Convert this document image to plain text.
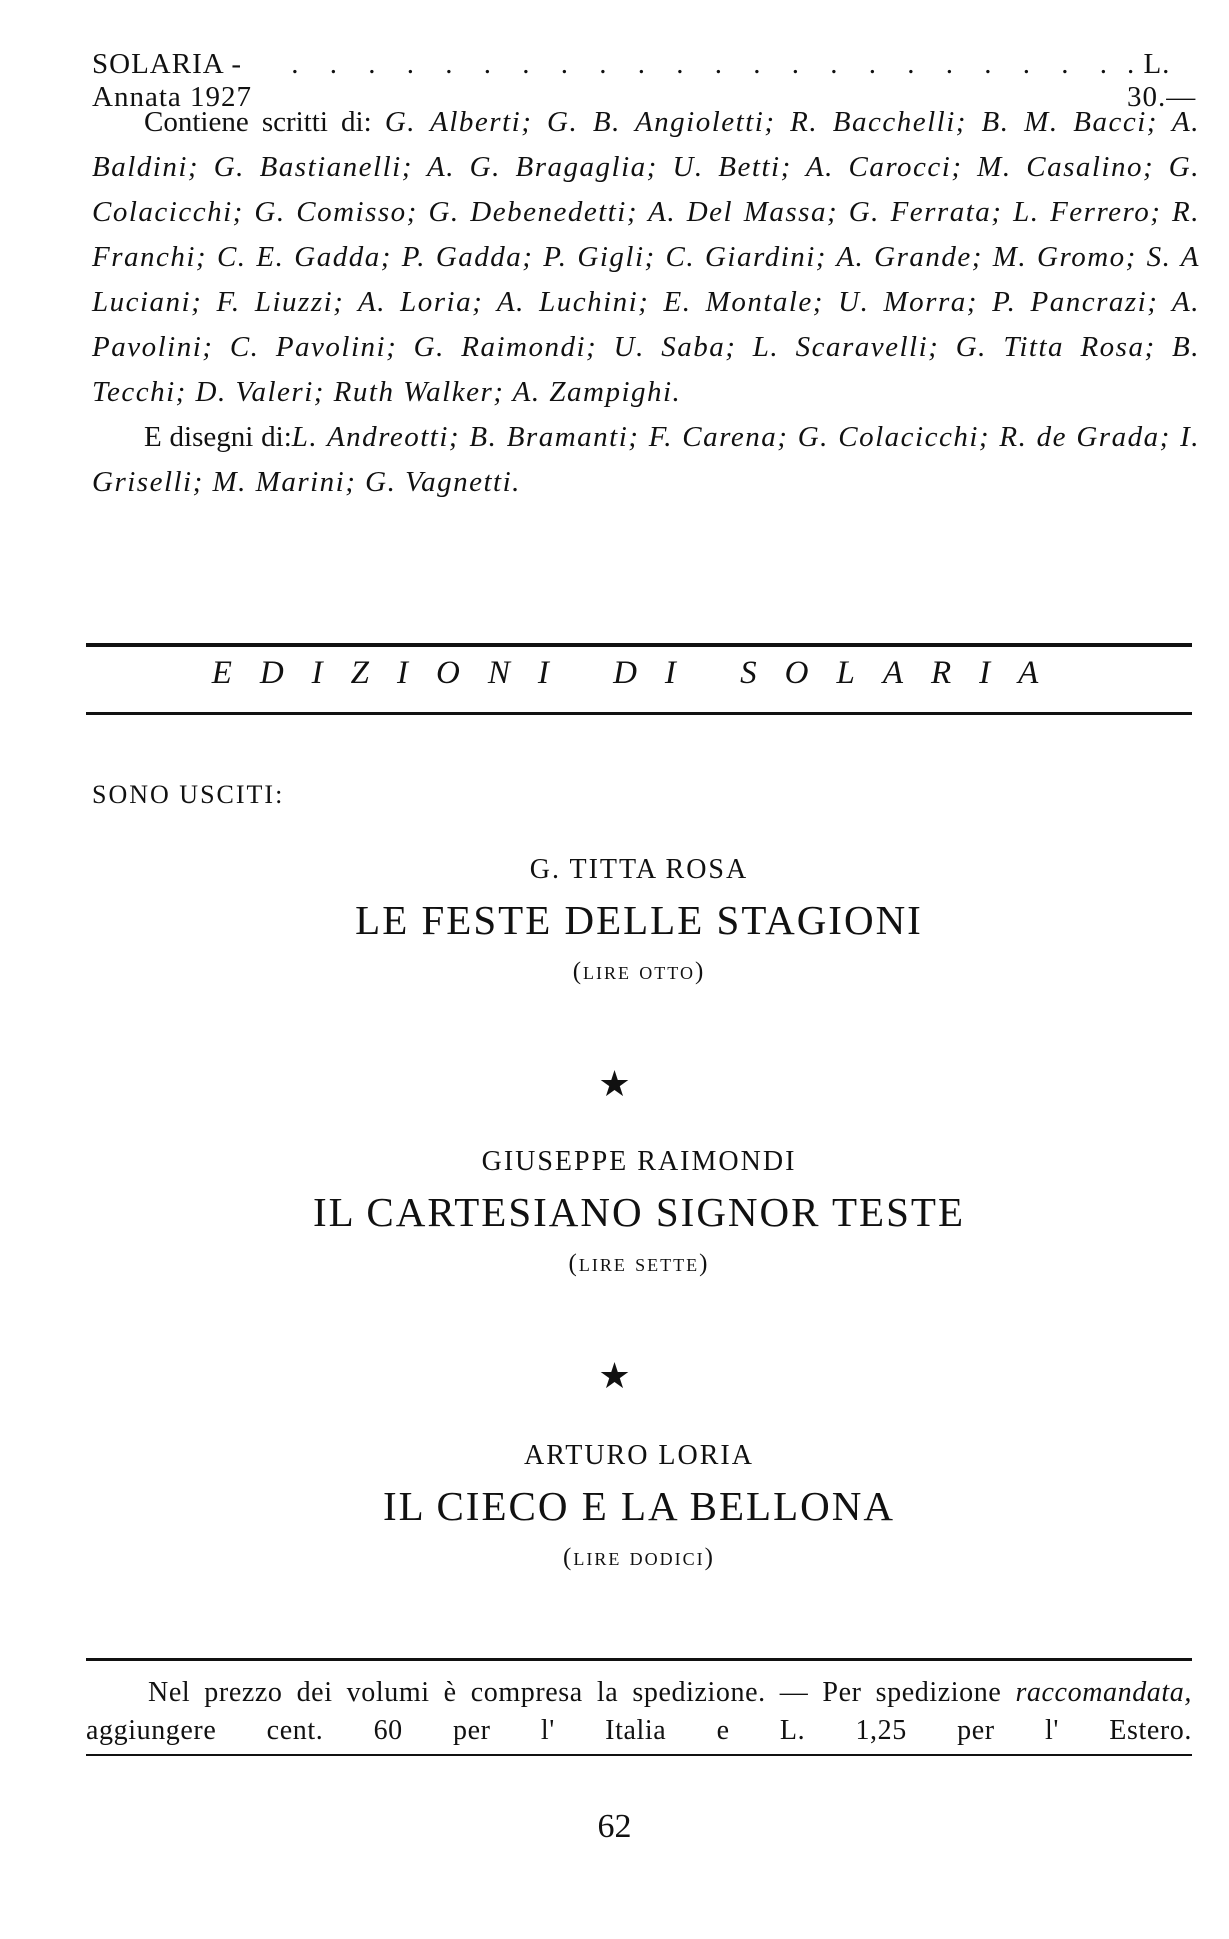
SOLARIA - Annata 1927
. . . . . . . . . . . . . . . . . . . . . . . L. 30.—

Contiene scritti di: G. Alberti; G. B. Angioletti; R. Bacchelli; B. M. Bacci; A. Baldini; G. Bastianelli; A. G. Bragaglia; U. Betti; A. Carocci; M. Casalino; G. Colacicchi; G. Comisso; G. Debenedetti; A. Del Massa; G. Ferrata; L. Ferrero; R. Franchi; C. E. Gadda; P. Gadda; P. Gigli; C. Giardini; A. Grande; M. Gromo; S. A Luciani; F. Liuzzi; A. Loria; A. Luchini; E. Montale; U. Morra; P. Pancrazi; A. Pavolini; C. Pavolini; G. Raimondi; U. Saba; L. Scaravelli; G. Titta Rosa; B. Tecchi; D. Valeri; Ruth Walker; A. Zampighi.

E disegni di:L. Andreotti; B. Bramanti; F. Carena; G. Colacicchi; R. de Grada; I. Griselli; M. Marini; G. Vagnetti.

EDIZIONI DI SOLARIA
SONO USCITI:
G. TITTA ROSA
LE FESTE DELLE STAGIONI
(lire otto)
★
GIUSEPPE RAIMONDI
IL CARTESIANO SIGNOR TESTE
(lire sette)
★
ARTURO LORIA
IL CIECO E LA BELLONA
(lire dodici)

Nel prezzo dei volumi è compresa la spedizione. — Per spedizione raccomandata, aggiungere cent. 60 per l' Italia e L. 1,25 per l' Estero.

62
